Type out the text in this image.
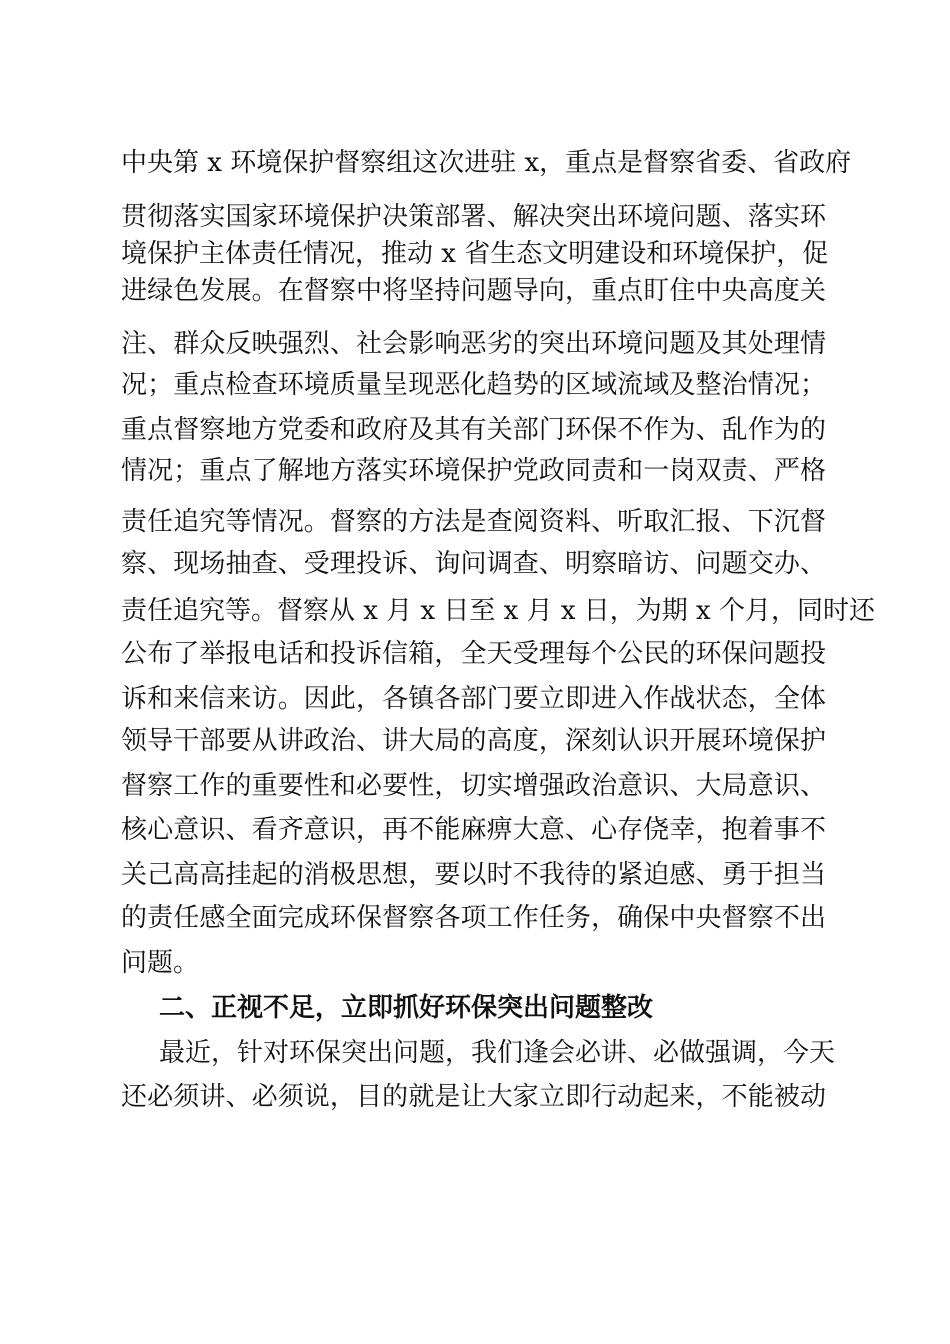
中央第 x 环境保护督察组这次进驻 x，重点是督察省委、省政府

贯彻落实国家环境保护决策部署、解决突出环境问题、落实环

境保护主体责任情况，推动 x 省生态文明建设和环境保护，促

进绿色发展。在督察中将坚持问题导向，重点盯住中央高度关

注、群众反映强烈、社会影响恶劣的突出环境问题及其处理情

况；重点检查环境质量呈现恶化趋势的区域流域及整治情况；

重点督察地方党委和政府及其有关部门环保不作为、乱作为的

情况；重点了解地方落实环境保护党政同责和一岗双责、严格

责任追究等情况。督察的方法是查阅资料、听取汇报、下沉督

察、现场抽查、受理投诉、询问调查、明察暗访、问题交办、

责任追究等。督察从 x 月 x 日至 x 月 x 日，为期 x 个月，同时还

公布了举报电话和投诉信箱，全天受理每个公民的环保问题投

诉和来信来访。因此，各镇各部门要立即进入作战状态，全体

领导干部要从讲政治、讲大局的高度，深刻认识开展环境保护

督察工作的重要性和必要性，切实增强政治意识、大局意识、

核心意识、看齐意识，再不能麻痹大意、心存侥幸，抱着事不

关己高高挂起的消极思想，要以时不我待的紧迫感、勇于担当

的责任感全面完成环保督察各项工作任务，确保中央督察不出

问题。

二、正视不足，立即抓好环保突出问题整改

最近，针对环保突出问题，我们逢会必讲、必做强调，今天

还必须讲、必须说，目的就是让大家立即行动起来，不能被动
